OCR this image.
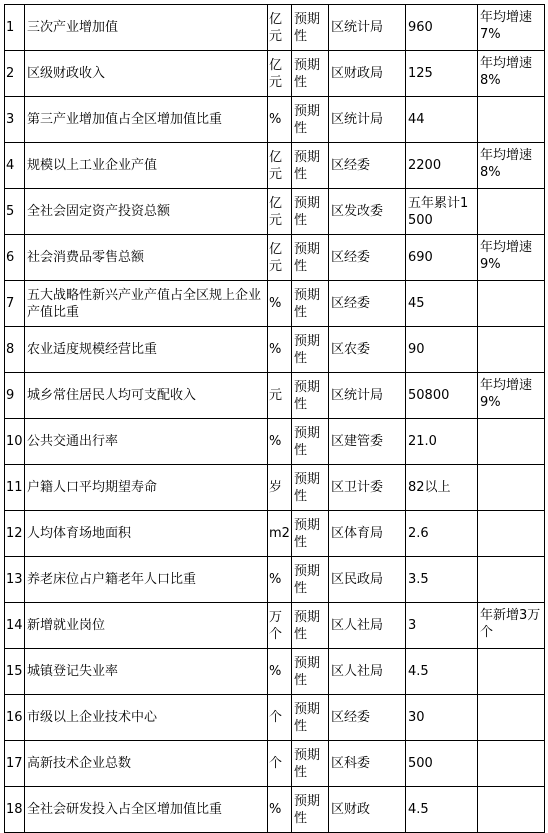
1	三次产业增加值	亿元	预期性	区统计局	960	年均增速7%
2	区级财政收入	亿元	预期性	区财政局	125	年均增速8%
3	第三产业增加值占全区增加值比重	%	预期性	区统计局	44	
4	规模以上工业企业产值	亿元	预期性	区经委	2200	年均增速8%
5	全社会固定资产投资总额	亿元	预期性	区发改委	五年累计1500	
6	社会消费品零售总额	亿元	预期性	区经委	690	年均增速9%
7	五大战略性新兴产业产值占全区规上企业产值比重	%	预期性	区经委	45	
8	农业适度规模经营比重	%	预期性	区农委	90	
9	城乡常住居民人均可支配收入	元	预期性	区统计局	50800	年均增速9%
10	公共交通出行率	%	预期性	区建管委	21.0	
11	户籍人口平均期望寿命	岁	预期性	区卫计委	82以上	
12	人均体育场地面积	m2	预期性	区体育局	2.6	
13	养老床位占户籍老年人口比重	%	预期性	区民政局	3.5	
14	新增就业岗位	万个	预期性	区人社局	3	年新增3万个
15	城镇登记失业率	%	预期性	区人社局	4.5	
16	市级以上企业技术中心	个	预期性	区经委	30	
17	高新技术企业总数	个	预期性	区科委	500	
18	全社会研发投入占全区增加值比重	%	预期性	区财政	4.5	
